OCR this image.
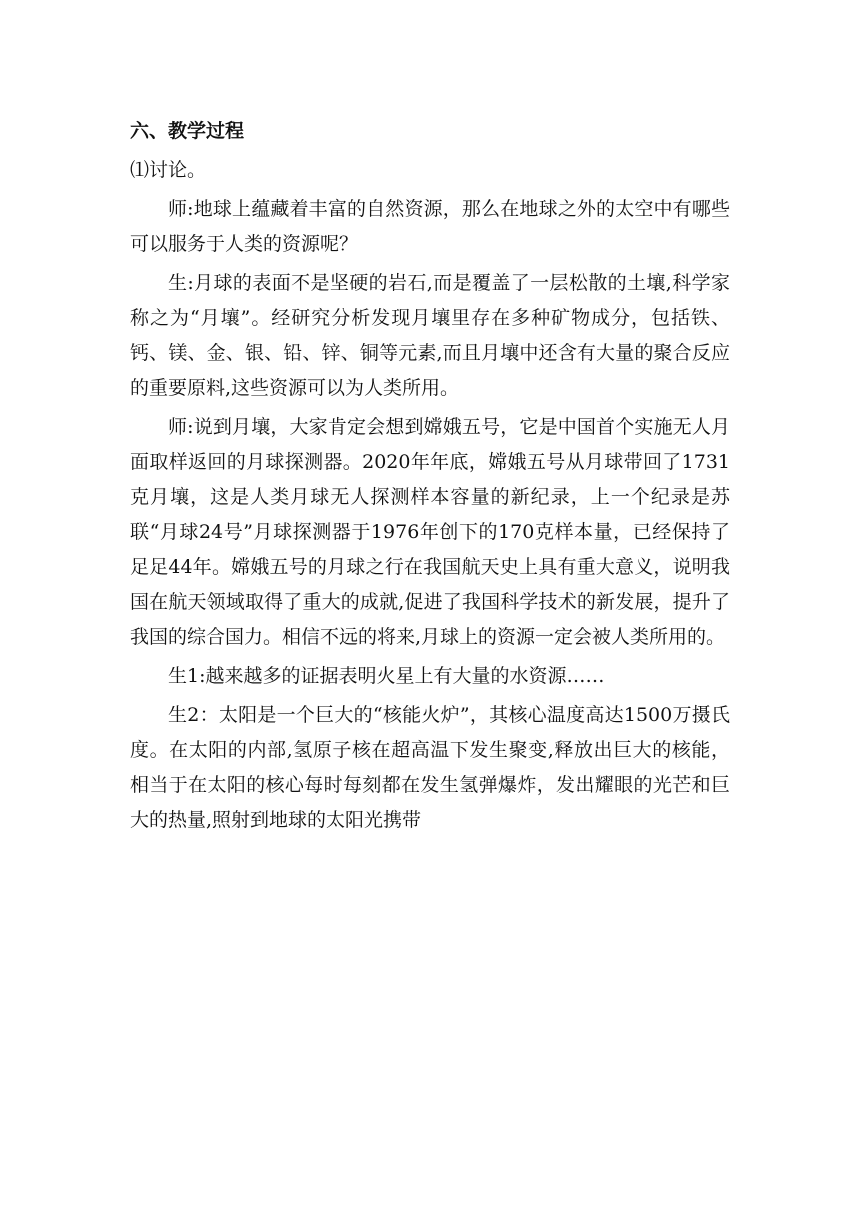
六、教学过程
⑴讨论。

师:地球上蕴藏着丰富的自然资源，那么在地球之外的太空中有哪些可以服务于人类的资源呢？

生:月球的表面不是坚硬的岩石,而是覆盖了一层松散的土壤,科学家称之为“月壤”。经研究分析发现月壤里存在多种矿物成分，包括铁、钙、镁、金、银、铅、锌、铜等元素,而且月壤中还含有大量的聚合反应的重要原料,这些资源可以为人类所用。

师:说到月壤，大家肯定会想到嫦娥五号，它是中国首个实施无人月面取样返回的月球探测器。2020年年底，嫦娥五号从月球带回了1731克月壤，这是人类月球无人探测样本容量的新纪录，上一个纪录是苏联“月球24号”月球探测器于1976年创下的170克样本量，已经保持了足足44年。嫦娥五号的月球之行在我国航天史上具有重大意义，说明我国在航天领域取得了重大的成就,促进了我国科学技术的新发展，提升了我国的综合国力。相信不远的将来,月球上的资源一定会被人类所用的。

生1:越来越多的证据表明火星上有大量的水资源……

生2：太阳是一个巨大的“核能火炉”，其核心温度高达1500万摄氏度。在太阳的内部,氢原子核在超高温下发生聚变,释放出巨大的核能，相当于在太阳的核心每时每刻都在发生氢弹爆炸，发出耀眼的光芒和巨大的热量,照射到地球的太阳光携带
